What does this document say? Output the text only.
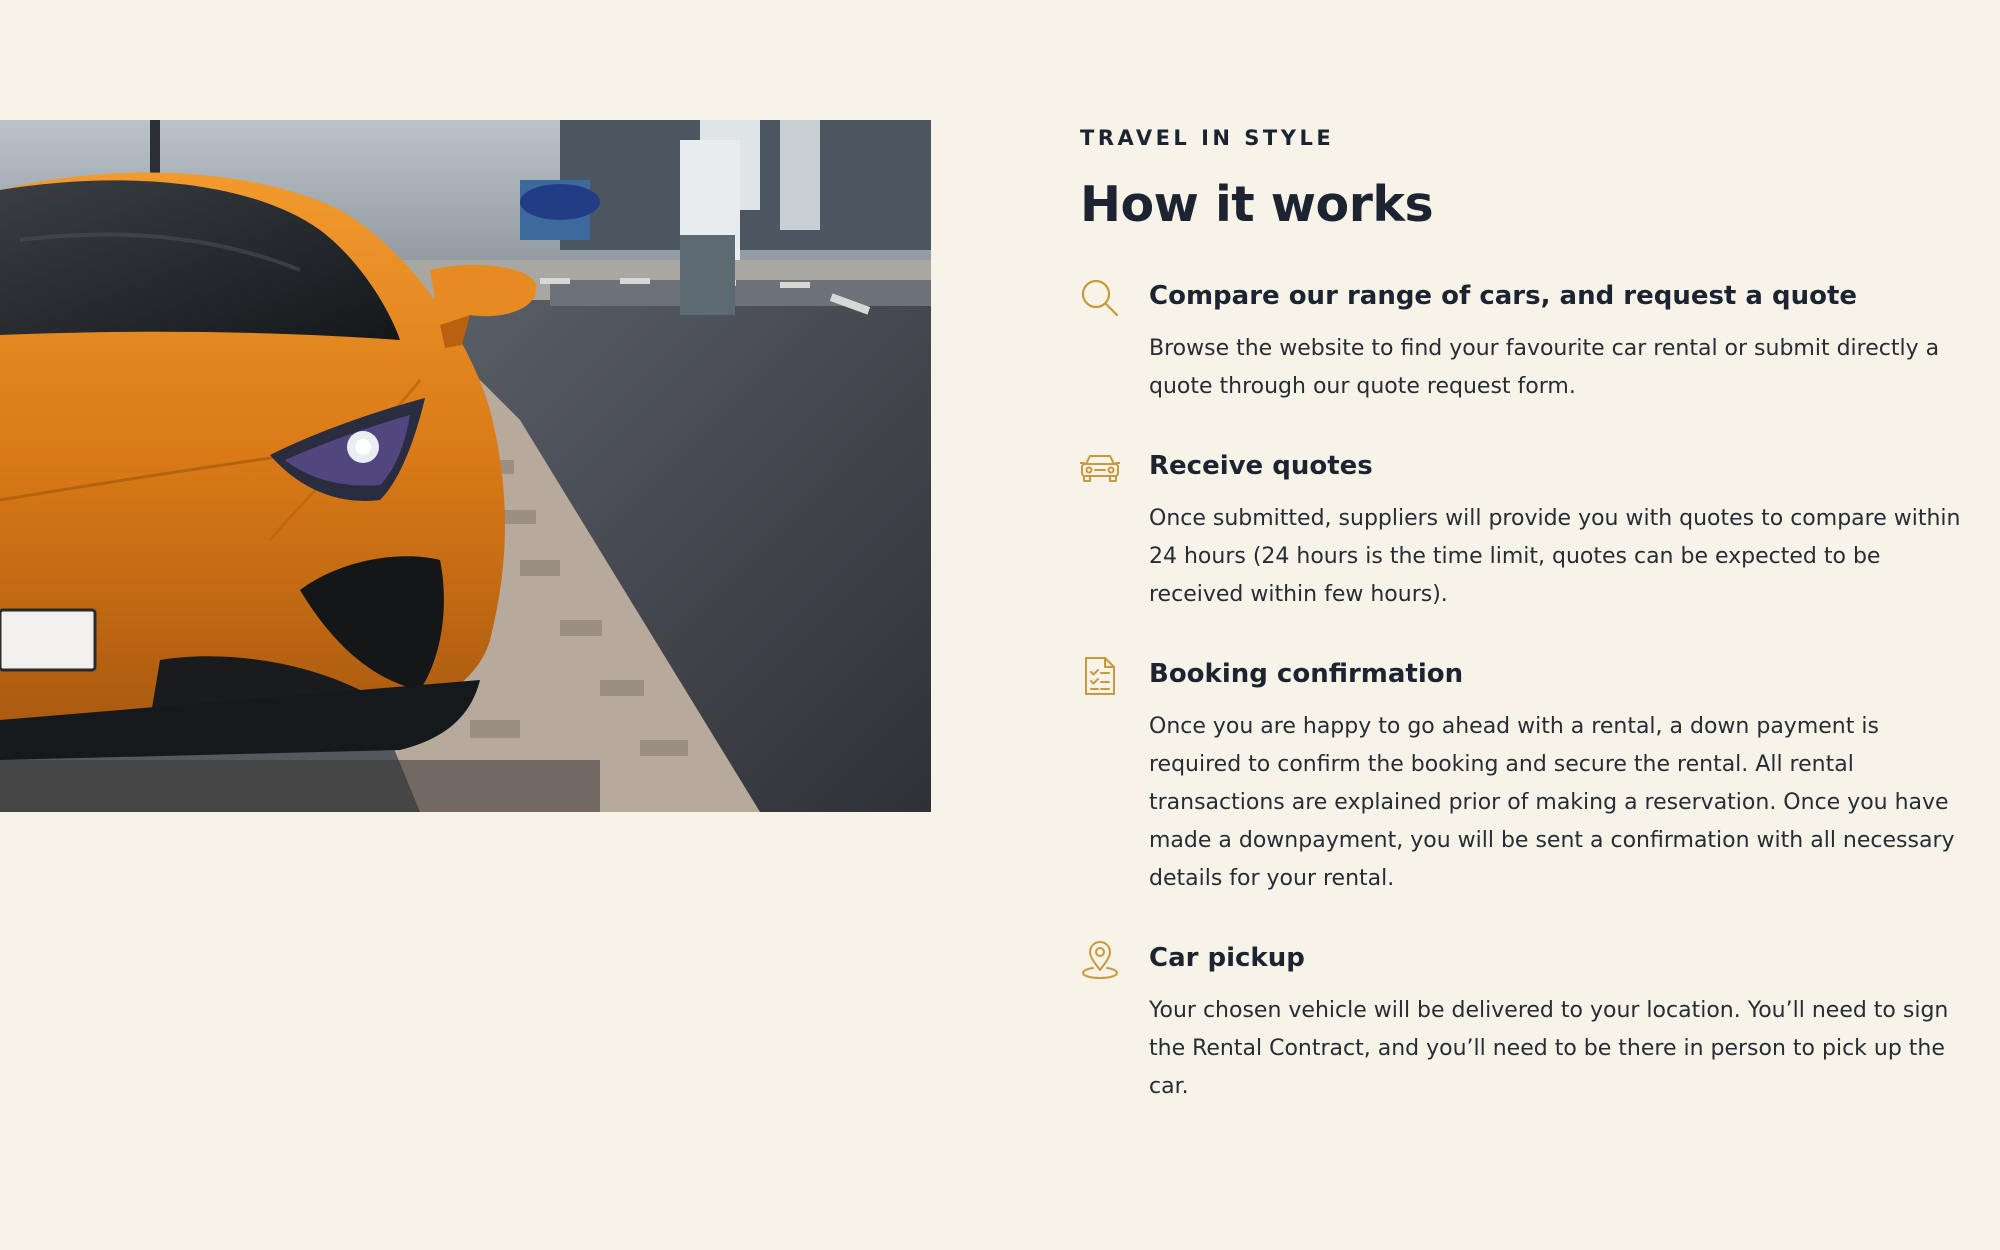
TRAVEL IN STYLE
How it works
Compare our range of cars, and request a quote

Browse the website to find your favourite car rental or submit directly a quote through our quote request form.

Receive quotes

Once submitted, suppliers will provide you with quotes to compare within 24 hours (24 hours is the time limit, quotes can be expected to be received within few hours).

Booking confirmation

Once you are happy to go ahead with a rental, a down payment is required to confirm the booking and secure the rental. All rental transactions are explained prior of making a reservation. Once you have made a downpayment, you will be sent a confirmation with all necessary details for your rental.

Car pickup

Your chosen vehicle will be delivered to your location. You’ll need to sign the Rental Contract, and you’ll need to be there in person to pick up the car.
